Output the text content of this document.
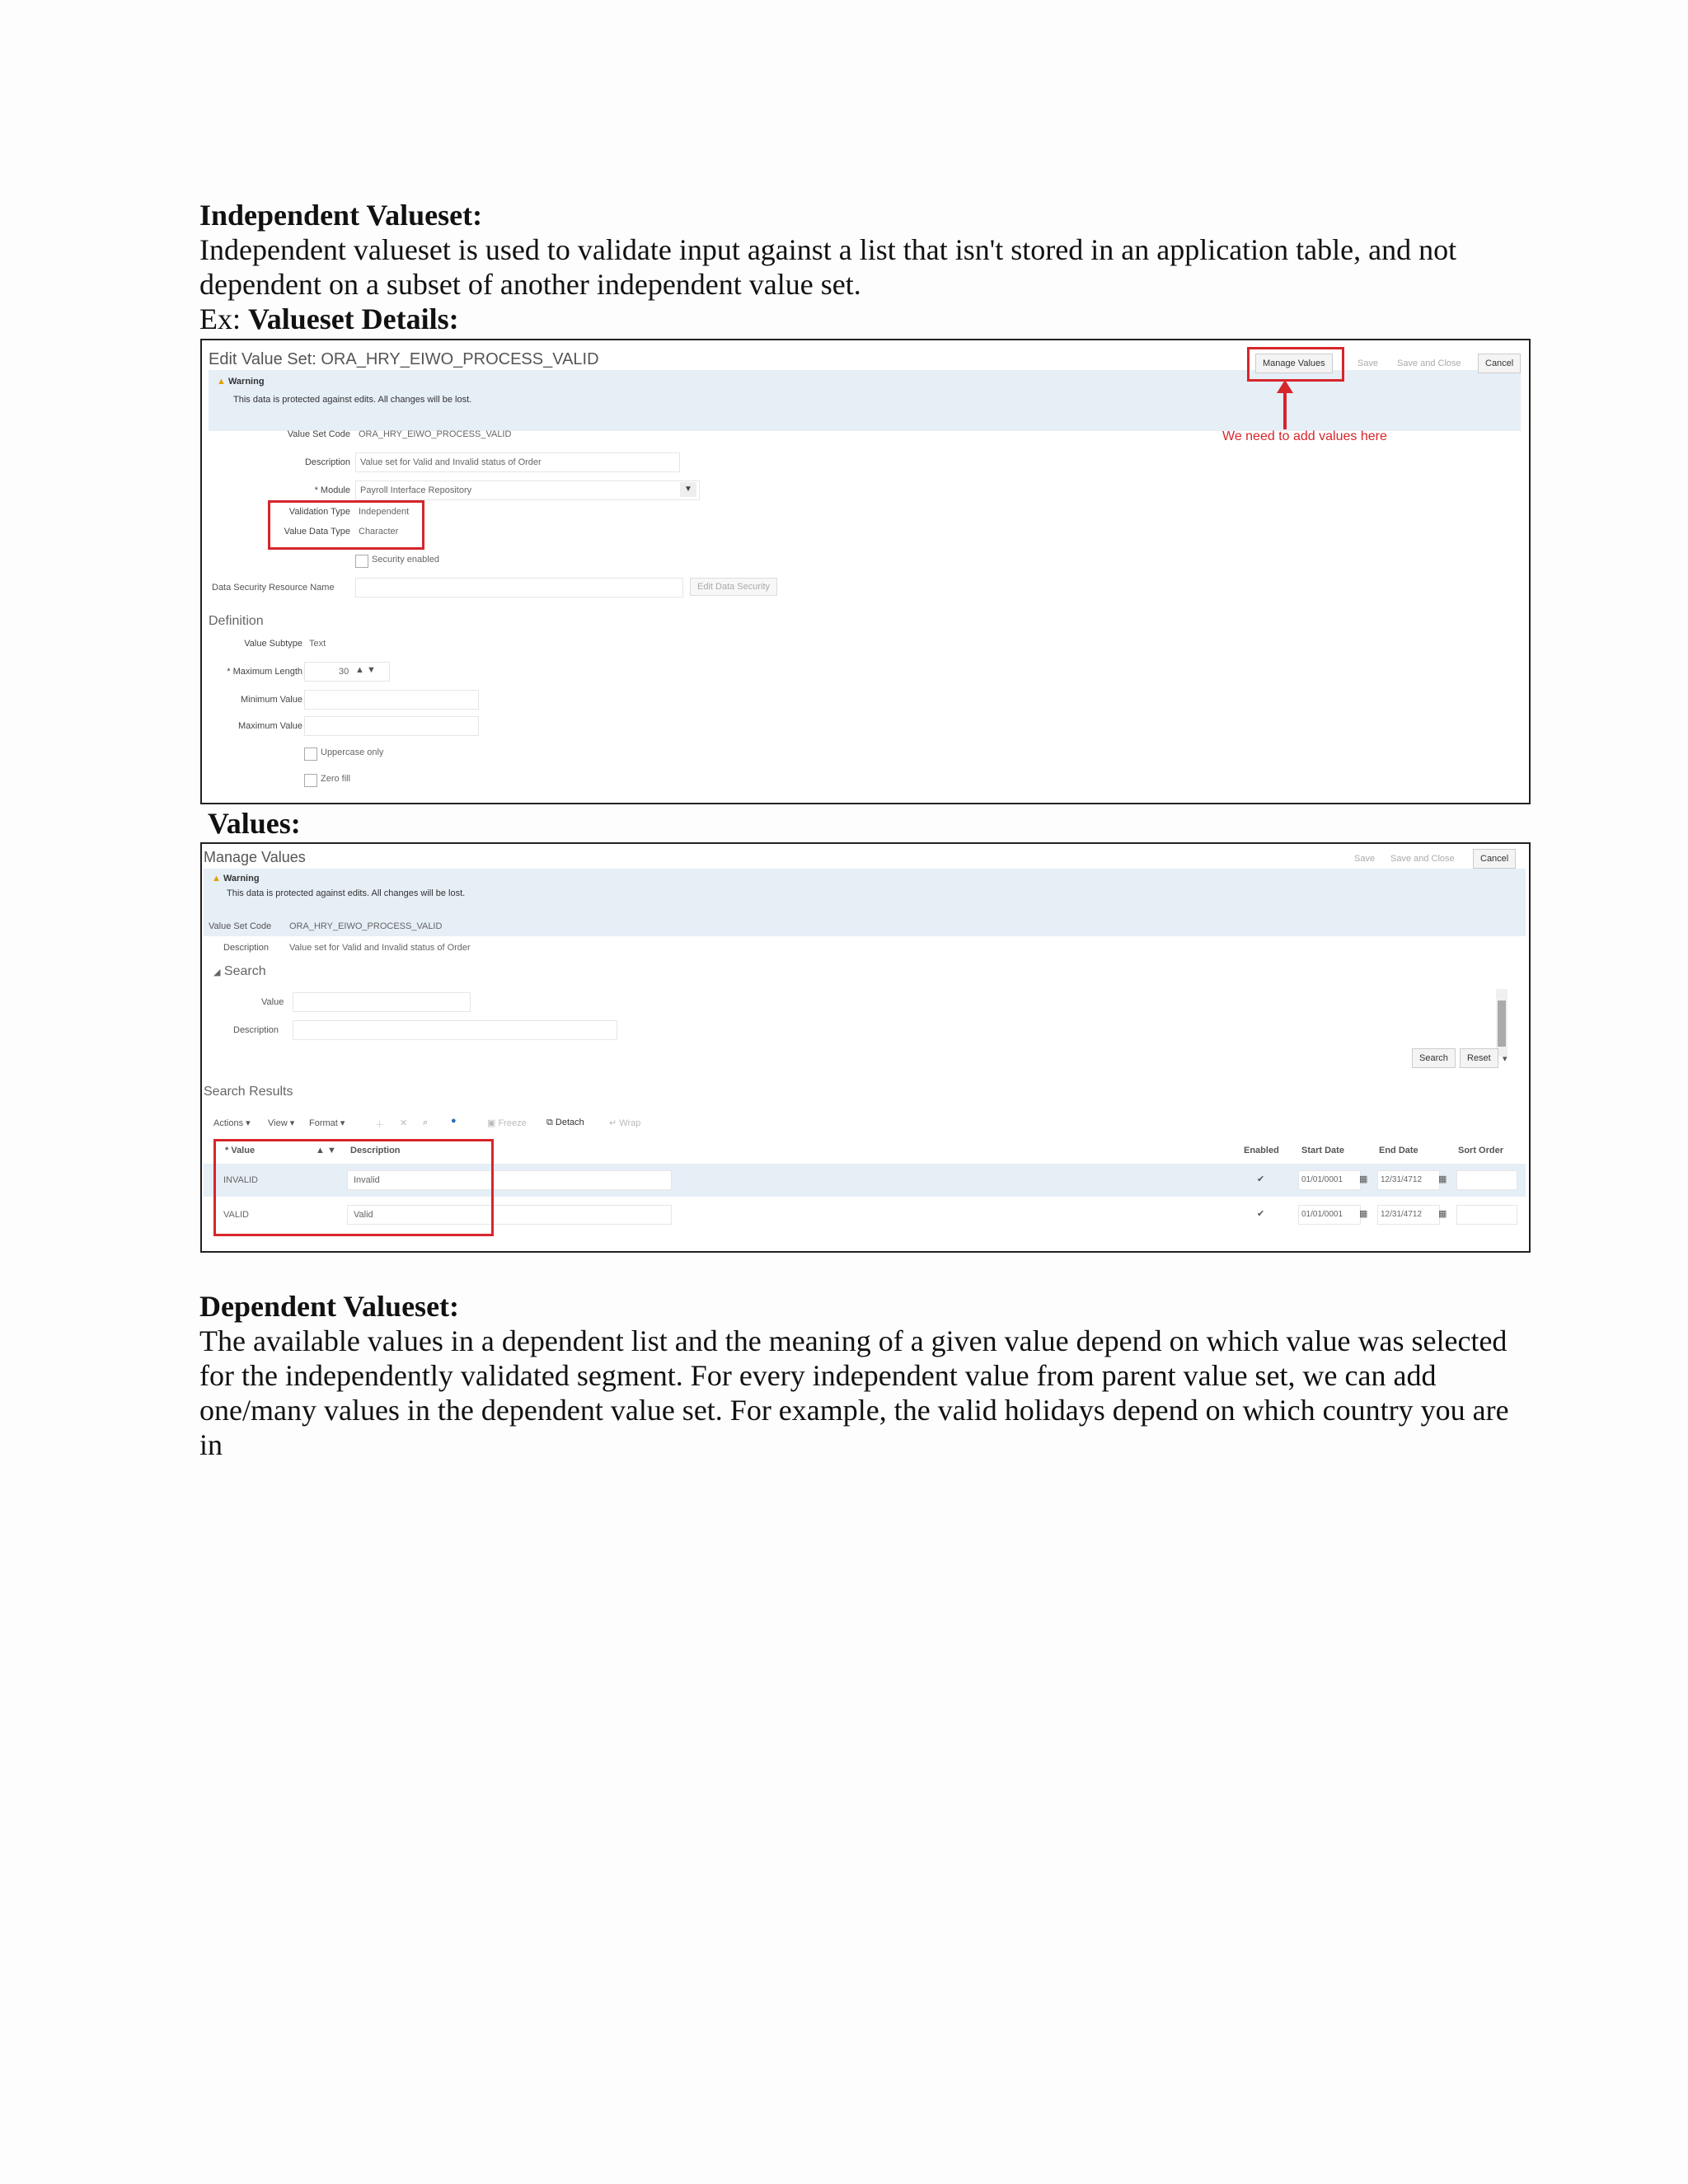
Independent Valueset:
Independent valueset is used to validate input against a list that isn't stored in an application table, and not dependent on a subset of another independent value set.
Ex: Valueset Details:
Edit Value Set: ORA_HRY_EIWO_PROCESS_VALID
▲ Warning
This data is protected against edits. All changes will be lost.
Manage Values	Save Save and Close	Cancel
We need to add values here
Value Set Code ORA_HRY_EIWO_PROCESS_VALID
Description Value set for Valid and Invalid status of Order
* Module Payroll Interface Repository	▼
Validation Type Independent
Value Data Type Character
Security enabled
Data Security Resource Name	Edit Data Security
Definition
Value Subtype Text
* Maximum Length	30 ▲ ▼
Minimum Value
Maximum Value
Uppercase only
Zero fill
Values:
Manage Values	Save Save and Close	Cancel
▲ Warning
This data is protected against edits. All changes will be lost.
Value Set Code ORA_HRY_EIWO_PROCESS_VALID
Description Value set for Valid and Invalid status of Order
◢ Search
Value
Description
Search	Reset	▾
Search Results
Actions ▾ View ▾ Format ▾	＋ ✕ ⌕	●	▣ Freeze ⧉ Detach	↵ Wrap
* Value	▲ ▼ Description	Enabled Start Date	End Date	Sort Order
INVALID	Invalid	✔	01/01/0001 ▦ 12/31/4712 ▦
VALID	Valid	✔	01/01/0001 ▦ 12/31/4712 ▦
Dependent Valueset:
The available values in a dependent list and the meaning of a given value depend on which value was selected for the independently validated segment. For every independent value from parent value set, we can add one/many values in the dependent value set. For example, the valid holidays depend on which country you are in
